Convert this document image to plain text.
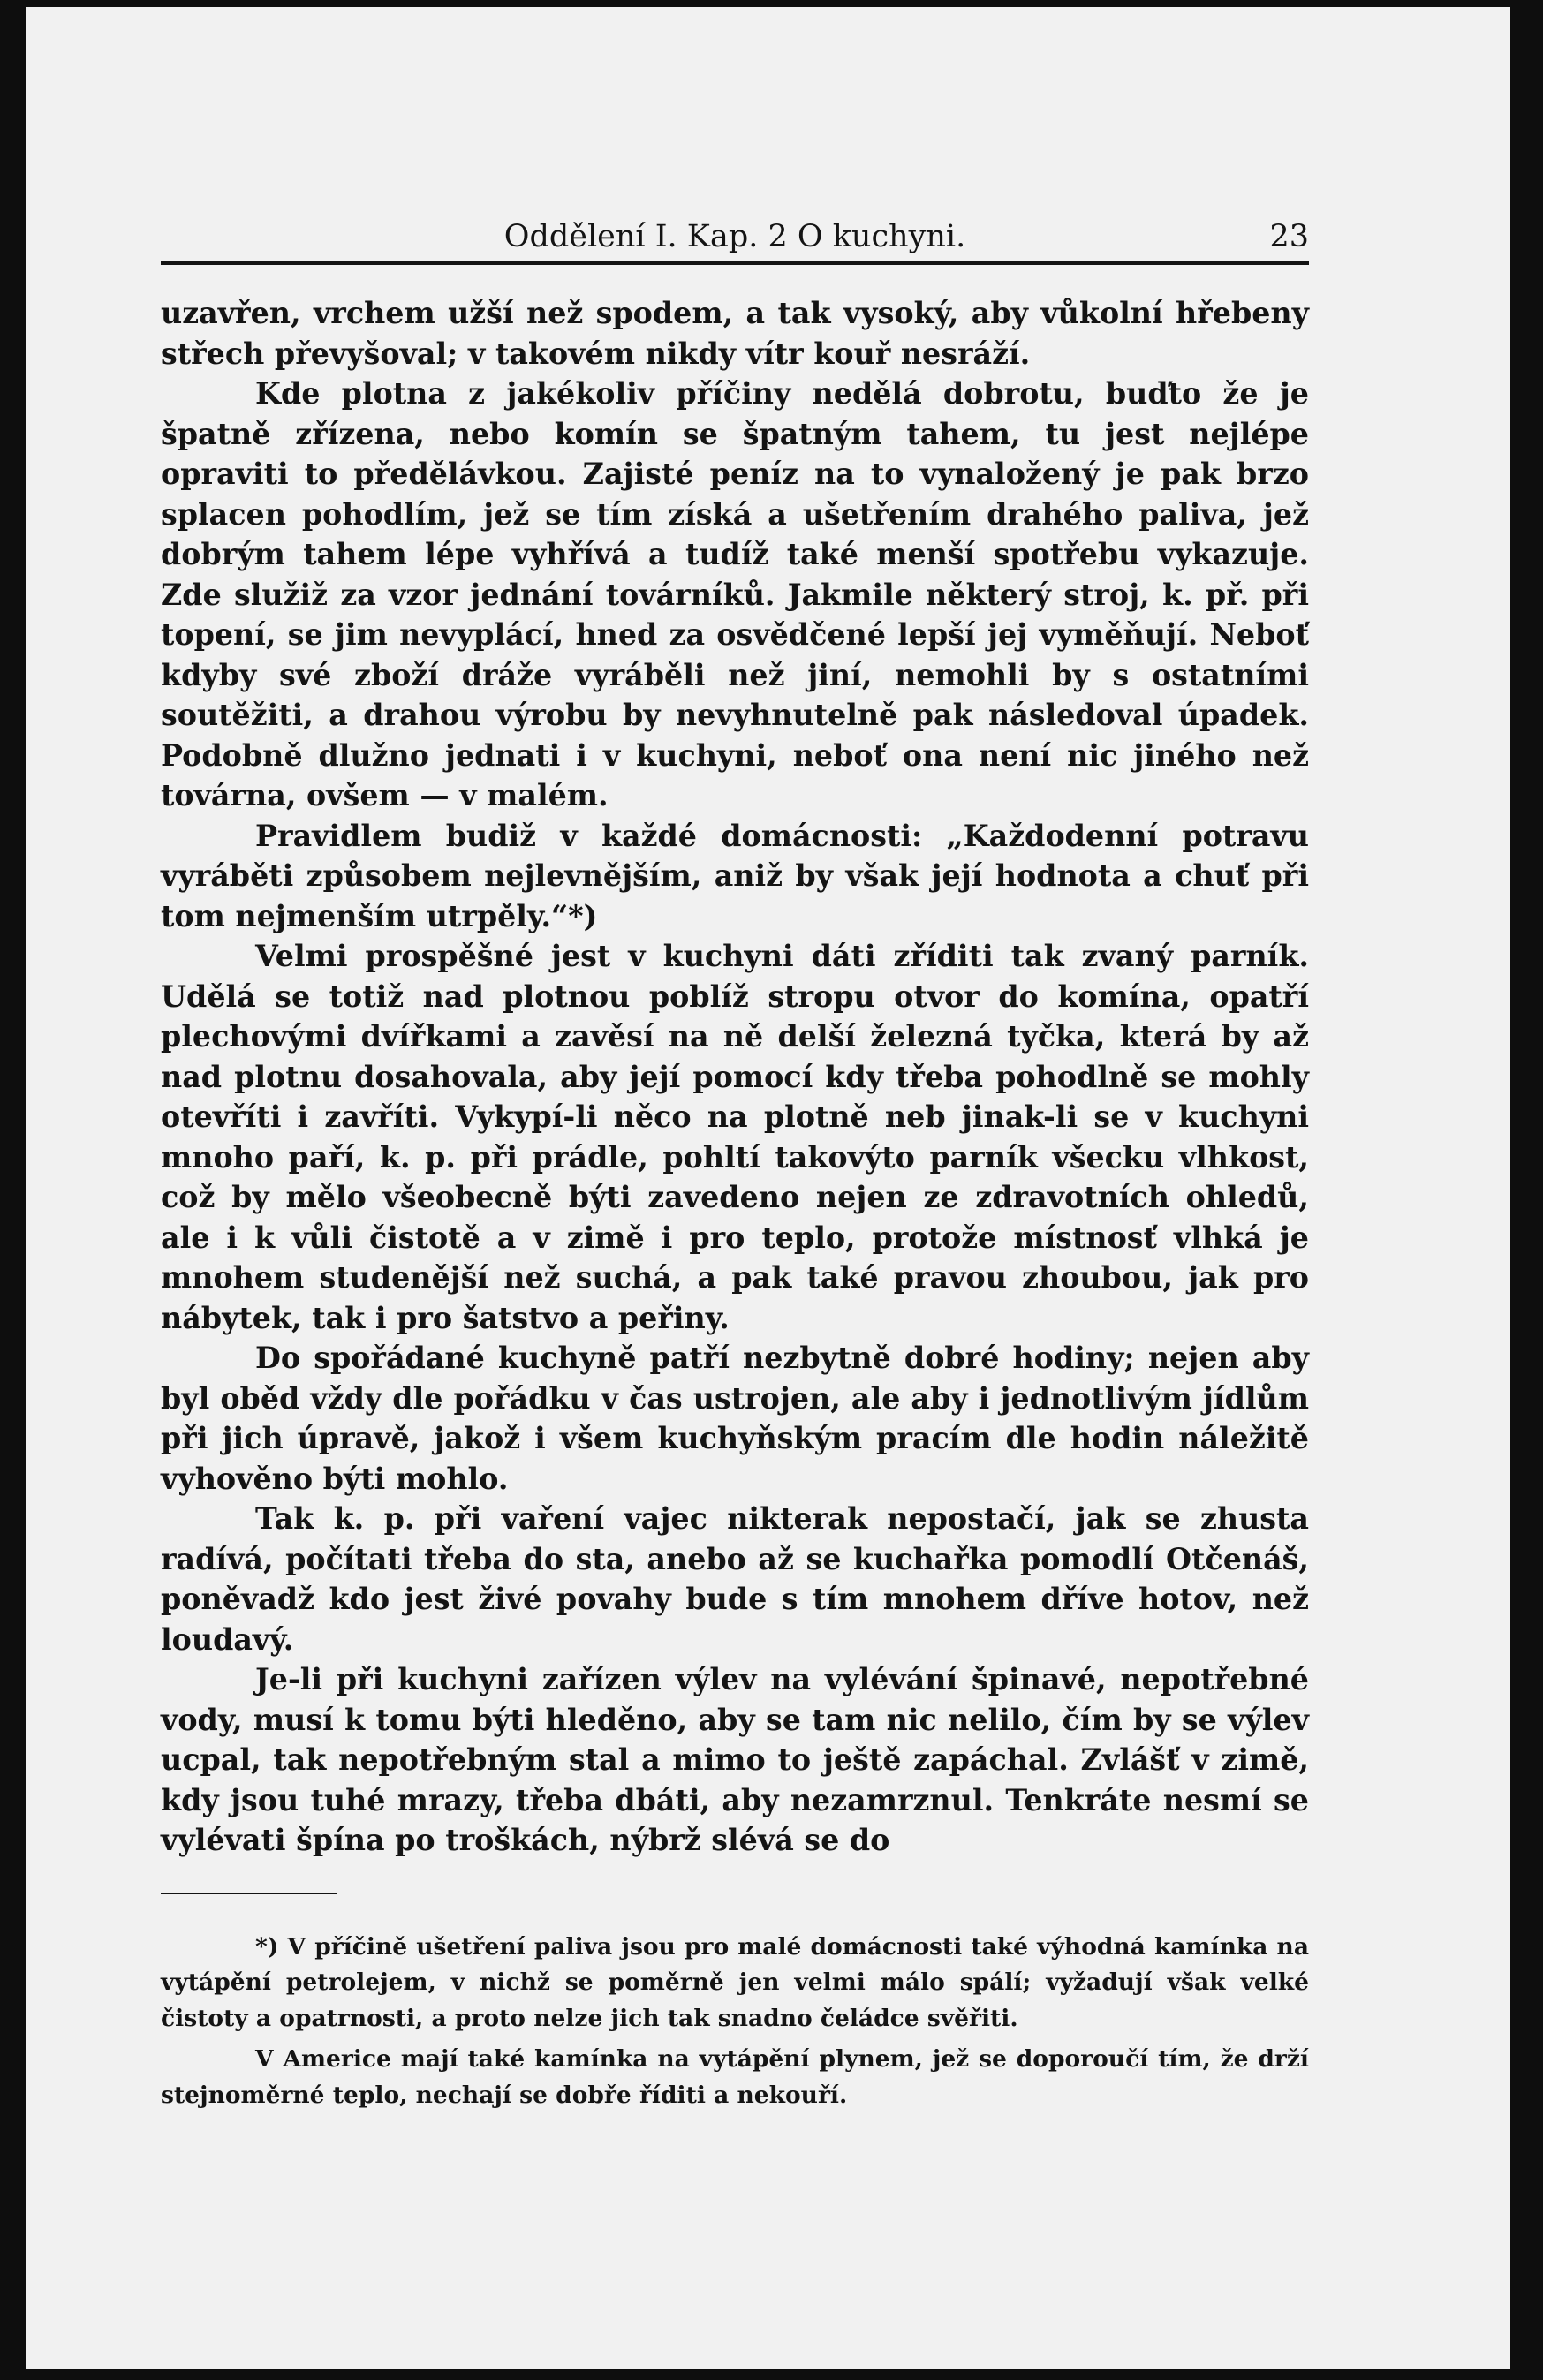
Oddělení I. Kap. 2 O kuchyni.	23

uzavřen, vrchem užší než spodem, a tak vysoký, aby vůkolní hřebeny střech převyšoval; v takovém nikdy vítr kouř nesráží.

Kde plotna z jakékoliv příčiny nedělá dobrotu, buďto že je špatně zřízena, nebo komín se špatným tahem, tu jest nejlépe opraviti to předělávkou. Zajisté peníz na to vynaložený je pak brzo splacen pohodlím, jež se tím získá a ušetřením drahého paliva, jež dobrým tahem lépe vyhřívá a tudíž také menší spotřebu vykazuje. Zde služiž za vzor jednání továrníků. Jakmile některý stroj, k. př. při topení, se jim nevyplácí, hned za osvědčené lepší jej vyměňují. Neboť kdyby své zboží dráže vyráběli než jiní, nemohli by s ostatními soutěžiti, a drahou výrobu by nevyhnutelně pak následoval úpadek. Podobně dlužno jednati i v kuchyni, neboť ona není nic jiného než továrna, ovšem — v malém.

Pravidlem budiž v každé domácnosti: „Každodenní potravu vyráběti způsobem nejlevnějším, aniž by však její hodnota a chuť při tom nejmenším utrpěly.“*)

Velmi prospěšné jest v kuchyni dáti zříditi tak zvaný parník. Udělá se totiž nad plotnou poblíž stropu otvor do komína, opatří plechovými dvířkami a zavěsí na ně delší železná tyčka, která by až nad plotnu dosahovala, aby její pomocí kdy třeba pohodlně se mohly otevříti i zavříti. Vykypí-li něco na plotně neb jinak-li se v kuchyni mnoho paří, k. p. při prádle, pohltí takovýto parník všecku vlhkost, což by mělo všeobecně býti zavedeno nejen ze zdravotních ohledů, ale i k vůli čistotě a v zimě i pro teplo, protože místnosť vlhká je mnohem studenější než suchá, a pak také pravou zhoubou, jak pro nábytek, tak i pro šatstvo a peřiny.

Do spořádané kuchyně patří nezbytně dobré hodiny; nejen aby byl oběd vždy dle pořádku v čas ustrojen, ale aby i jednotlivým jídlům při jich úpravě, jakož i všem kuchyňským pracím dle hodin náležitě vyhověno býti mohlo.

Tak k. p. při vaření vajec nikterak nepostačí, jak se zhusta radívá, počítati třeba do sta, anebo až se kuchařka pomodlí Otčenáš, poněvadž kdo jest živé povahy bude s tím mnohem dříve hotov, než loudavý.

Je-li při kuchyni zařízen výlev na vylévání špinavé, nepotřebné vody, musí k tomu býti hleděno, aby se tam nic nelilo, čím by se výlev ucpal, tak nepotřebným stal a mimo to ještě zapáchal. Zvlášť v zimě, kdy jsou tuhé mrazy, třeba dbáti, aby nezamrznul. Tenkráte nesmí se vylévati špína po troškách, nýbrž slévá se do

*) V příčině ušetření paliva jsou pro malé domácnosti také výhodná kamínka na vytápění petrolejem, v nichž se poměrně jen velmi málo spálí; vyžadují však velké čistoty a opatrnosti, a proto nelze jich tak snadno čeládce svěřiti.

V Americe mají také kamínka na vytápění plynem, jež se doporoučí tím, že drží stejnoměrné teplo, nechají se dobře říditi a nekouří.
